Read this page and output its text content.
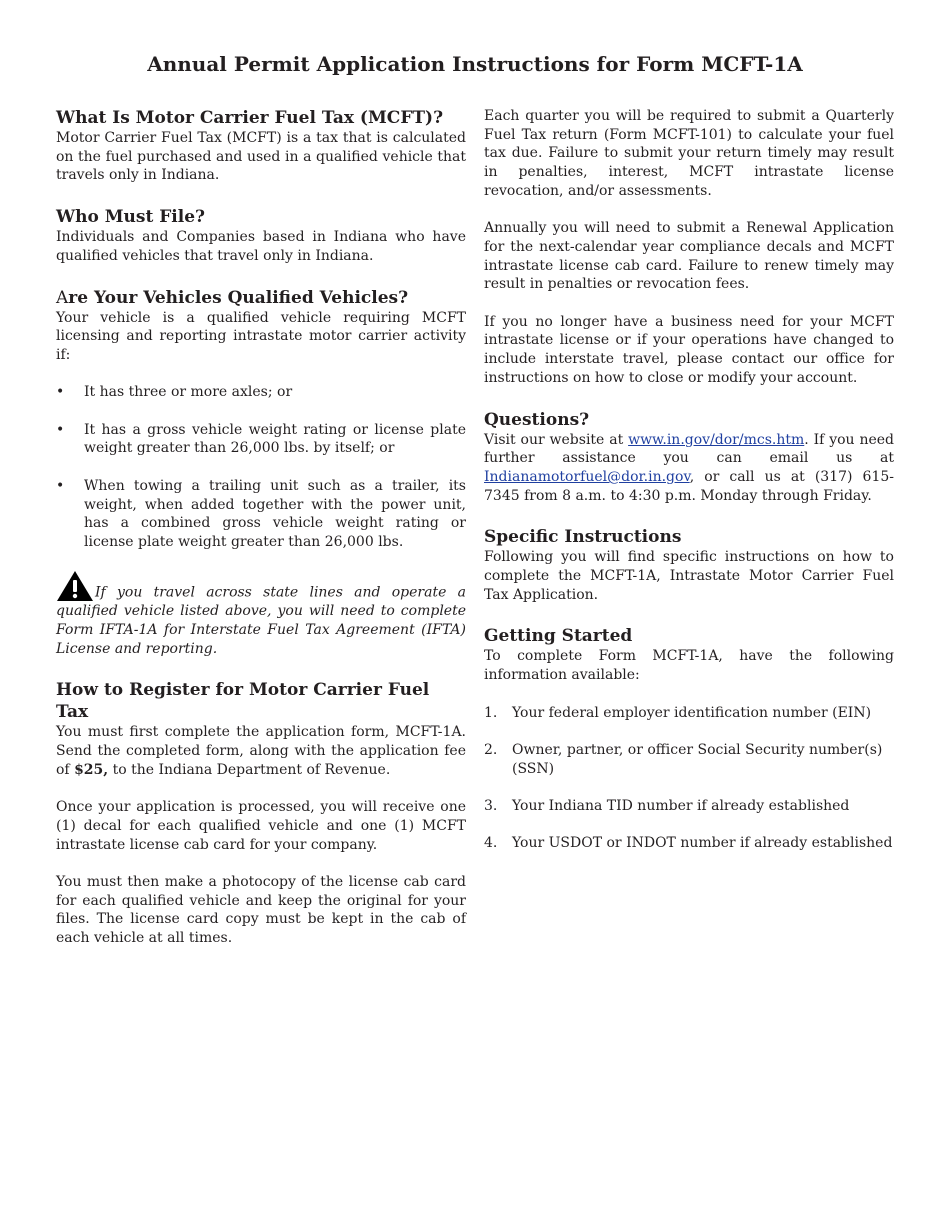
Annual Permit Application Instructions for Form MCFT-1A
What Is Motor Carrier Fuel Tax (MCFT)?

Motor Carrier Fuel Tax (MCFT) is a tax that is calculated on the fuel purchased and used in a qualified vehicle that travels only in Indiana.

Who Must File?

Individuals and Companies based in Indiana who have qualified vehicles that travel only in Indiana.

Are Your Vehicles Qualified Vehicles?

Your vehicle is a qualified vehicle requiring MCFT licensing and reporting intrastate motor carrier activity if:

• It has three or more axles; or
• It has a gross vehicle weight rating or license plate weight greater than 26,000 lbs. by itself; or
• When towing a trailing unit such as a trailer, its weight, when added together with the power unit, has a combined gross vehicle weight rating or license plate weight greater than 26,000 lbs.

If you travel across state lines and operate a qualified vehicle listed above, you will need to complete Form IFTA-1A for Interstate Fuel Tax Agreement (IFTA) License and reporting.

How to Register for Motor Carrier Fuel Tax

You must first complete the application form, MCFT-1A. Send the completed form, along with the application fee of $25, to the Indiana Department of Revenue.

Once your application is processed, you will receive one (1) decal for each qualified vehicle and one (1) MCFT intrastate license cab card for your company.

You must then make a photocopy of the license cab card for each qualified vehicle and keep the original for your files. The license card copy must be kept in the cab of each vehicle at all times.

Each quarter you will be required to submit a Quarterly Fuel Tax return (Form MCFT-101) to calculate your fuel tax due. Failure to submit your return timely may result in penalties, interest, MCFT intrastate license revocation, and/or assessments.

Annually you will need to submit a Renewal Application for the next-calendar year compliance decals and MCFT intrastate license cab card. Failure to renew timely may result in penalties or revocation fees.

If you no longer have a business need for your MCFT intrastate license or if your operations have changed to include interstate travel, please contact our office for instructions on how to close or modify your account.

Questions?

Visit our website at www.in.gov/dor/mcs.htm. If you need further assistance you can email us at Indianamotorfuel@dor.in.gov, or call us at (317) 615-7345 from 8 a.m. to 4:30 p.m. Monday through Friday.

Specific Instructions

Following you will find specific instructions on how to complete the MCFT-1A, Intrastate Motor Carrier Fuel Tax Application.

Getting Started

To complete Form MCFT-1A, have the following information available:

1. Your federal employer identification number (EIN)
2. Owner, partner, or officer Social Security number(s) (SSN)
3. Your Indiana TID number if already established
4. Your USDOT or INDOT number if already established
